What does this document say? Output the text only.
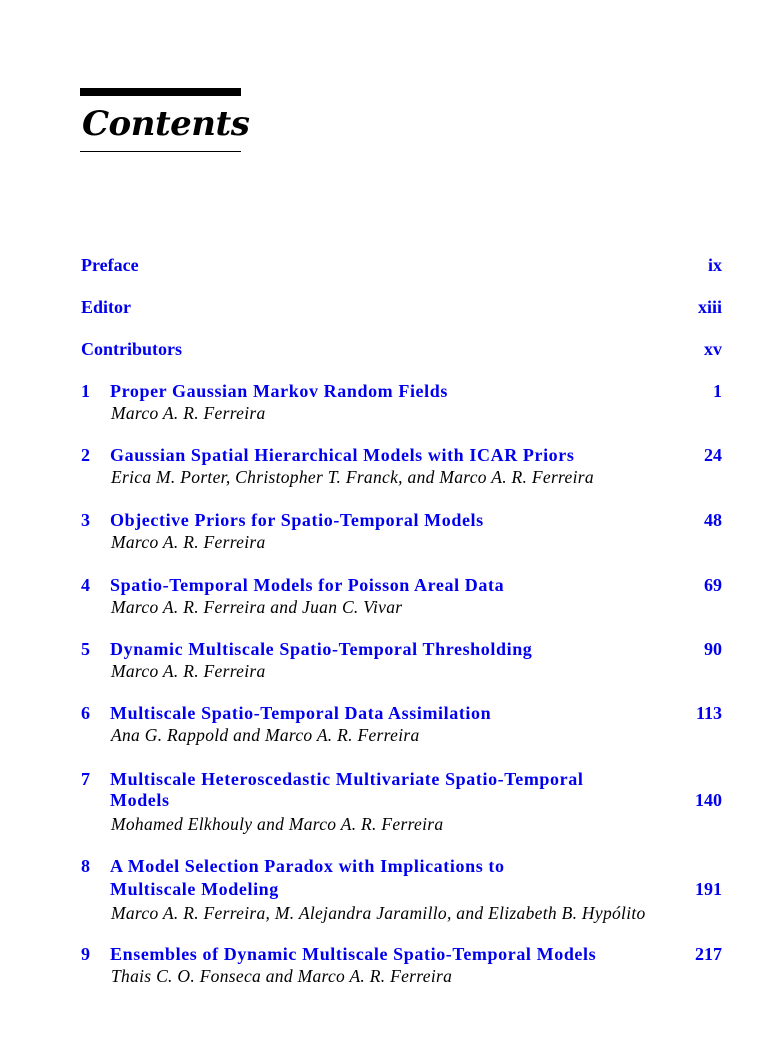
Contents
Preface	ix
Editor	xiii
Contributors	xv
1 Proper Gaussian Markov Random Fields	1
Marco A. R. Ferreira
2 Gaussian Spatial Hierarchical Models with ICAR Priors	24
Erica M. Porter, Christopher T. Franck, and Marco A. R. Ferreira
3 Objective Priors for Spatio-Temporal Models	48
Marco A. R. Ferreira
4 Spatio-Temporal Models for Poisson Areal Data	69
Marco A. R. Ferreira and Juan C. Vivar
5 Dynamic Multiscale Spatio-Temporal Thresholding	90
Marco A. R. Ferreira
6 Multiscale Spatio-Temporal Data Assimilation	113
Ana G. Rappold and Marco A. R. Ferreira
7 Multiscale Heteroscedastic Multivariate Spatio-Temporal
Models	140
Mohamed Elkhouly and Marco A. R. Ferreira
8 A Model Selection Paradox with Implications to
Multiscale Modeling	191
Marco A. R. Ferreira, M. Alejandra Jaramillo, and Elizabeth B. Hypólito
9 Ensembles of Dynamic Multiscale Spatio-Temporal Models	217
Thais C. O. Fonseca and Marco A. R. Ferreira
